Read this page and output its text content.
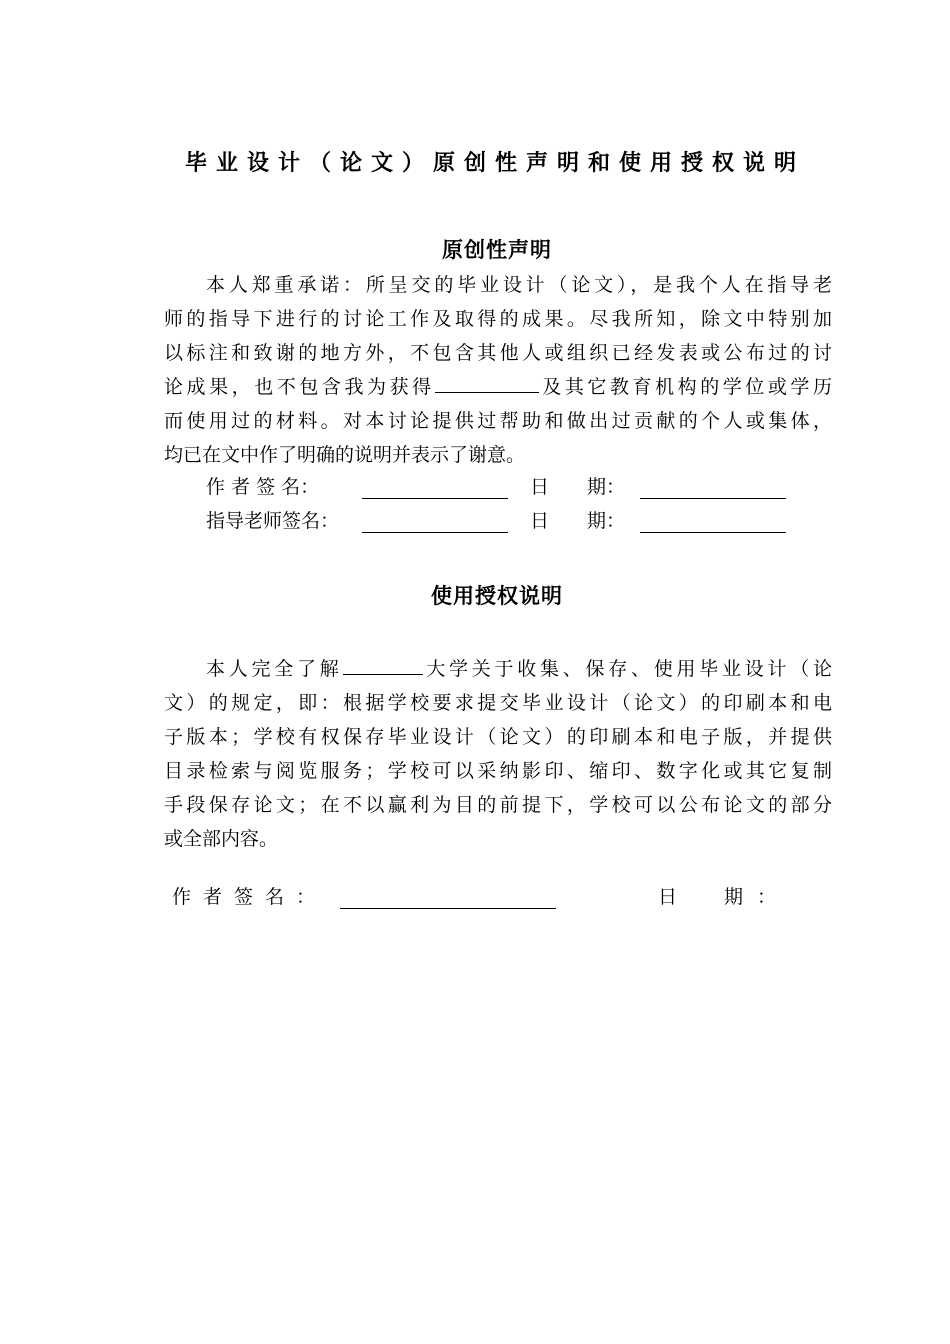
毕业设计（论文）原创性声明和使用授权说明
原创性声明
本人郑重承诺：所呈交的毕业设计（论文），是我个人在指导老
师的指导下进行的讨论工作及取得的成果。尽我所知，除文中特别加
以标注和致谢的地方外，不包含其他人或组织已经发表或公布过的讨
论成果，也不包含我为获得	及其它教育机构的学位或学历
而使用过的材料。对本讨论提供过帮助和做出过贡献的个人或集体，
均已在文中作了明确的说明并表示了谢意。
作 者 签 名：	日　　期：
指导老师签名：	日　　期：
使用授权说明
本人完全了解	大学关于收集、保存、使用毕业设计（论
文）的规定，即：根据学校要求提交毕业设计（论文）的印刷本和电
子版本；学校有权保存毕业设计（论文）的印刷本和电子版，并提供
目录检索与阅览服务；学校可以采纳影印、缩印、数字化或其它复制
手段保存论文；在不以赢利为目的前提下，学校可以公布论文的部分
或全部内容。
作者签名：	日　期：
